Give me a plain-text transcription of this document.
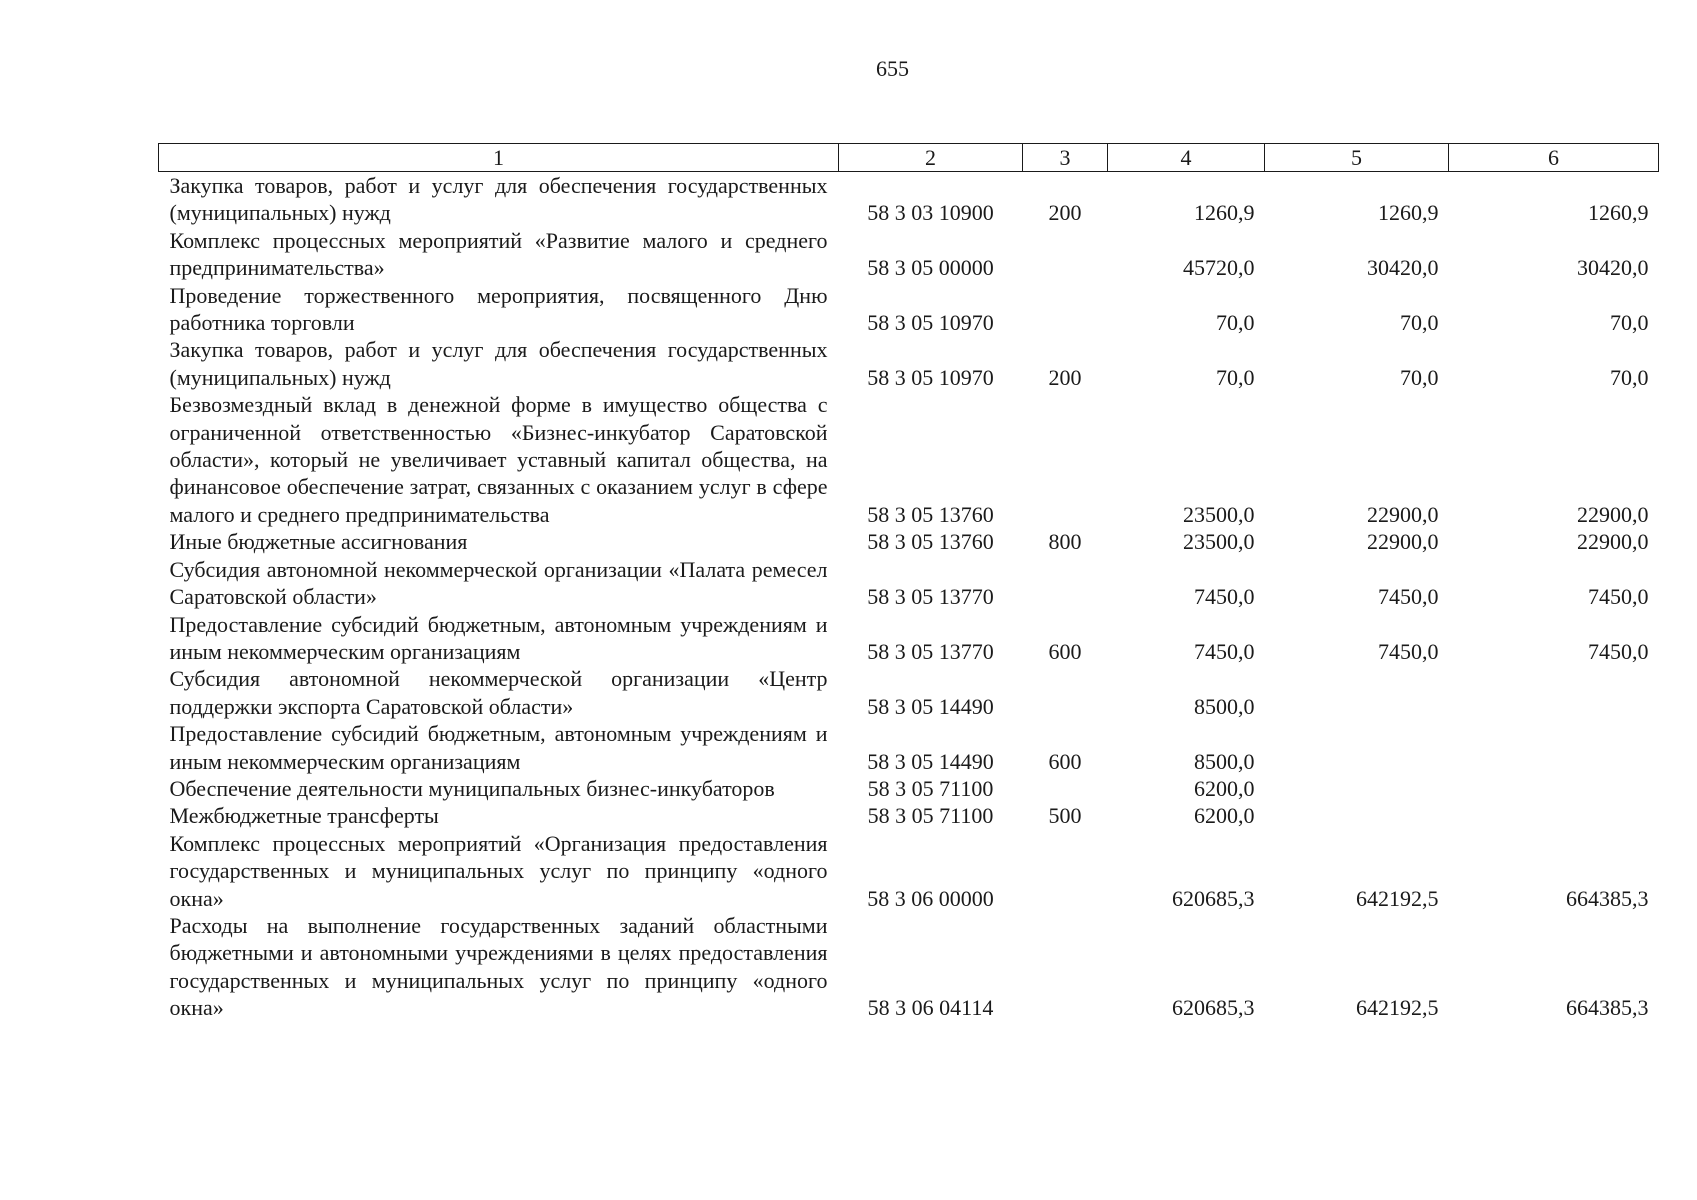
655
1	2	3	4	5	6
Закупка товаров, работ и услуг для обеспечения государственных (муниципальных) нужд	58 3 03 10900	200	1260,9	1260,9	1260,9
Комплекс процессных мероприятий «Развитие малого и среднего предпринимательства»	58 3 05 00000		45720,0	30420,0	30420,0
Проведение торжественного мероприятия, посвященного Дню работника торговли	58 3 05 10970		70,0	70,0	70,0
Закупка товаров, работ и услуг для обеспечения государственных (муниципальных) нужд	58 3 05 10970	200	70,0	70,0	70,0
Безвозмездный вклад в денежной форме в имущество общества с ограниченной ответственностью «Бизнес-инкубатор Саратовской области», который не увеличивает уставный капитал общества, на финансовое обеспечение затрат, связанных с оказанием услуг в сфере малого и среднего предпринимательства	58 3 05 13760		23500,0	22900,0	22900,0
Иные бюджетные ассигнования	58 3 05 13760	800	23500,0	22900,0	22900,0
Субсидия автономной некоммерческой организации «Палата ремесел Саратовской области»	58 3 05 13770		7450,0	7450,0	7450,0
Предоставление субсидий бюджетным, автономным учреждениям и иным некоммерческим организациям	58 3 05 13770	600	7450,0	7450,0	7450,0
Субсидия автономной некоммерческой организации «Центр поддержки экспорта Саратовской области»	58 3 05 14490		8500,0		
Предоставление субсидий бюджетным, автономным учреждениям и иным некоммерческим организациям	58 3 05 14490	600	8500,0		
Обеспечение деятельности муниципальных бизнес-инкубаторов	58 3 05 71100		6200,0		
Межбюджетные трансферты	58 3 05 71100	500	6200,0		
Комплекс процессных мероприятий «Организация предоставления государственных и муниципальных услуг по принципу «одного окна»	58 3 06 00000		620685,3	642192,5	664385,3
Расходы на выполнение государственных заданий областными бюджетными и автономными учреждениями в целях предоставления государственных и муниципальных услуг по принципу «одного окна»	58 3 06 04114		620685,3	642192,5	664385,3
